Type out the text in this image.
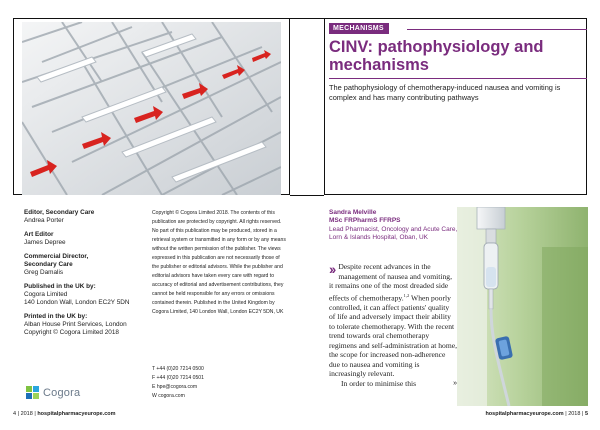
MECHANISMS
CINV: pathophysiology and mechanisms
The pathophysiology of chemotherapy-induced nausea and vomiting is complex and has many contributing pathways
Editor, Secondary Care
Andrea Porter
Art Editor
James Depree
Commercial Director, Secondary Care
Greg Damalis
Published in the UK by:
Cogora Limited
140 London Wall, London EC2Y 5DN
Printed in the UK by:
Alban House Print Services, London
Copyright © Cogora Limited 2018
Copyright © Cogora Limited 2018. The contents of this publication are protected by copyright. All rights reserved. No part of this publication may be produced, stored in a retrieval system or transmitted in any form or by any means without the written permission of the publisher. The views expressed in this publication are not necessarily those of the publisher or editorial advisors. While the publisher and editorial advisors have taken every care with regard to accuracy of editorial and advertisement contributions, they cannot be held responsible for any errors or omissions contained therein. Published in the United Kingdom by Cogora Limited, 140 London Wall, London EC2Y 5DN, UK
T +44 (0)20 7214 0500
F +44 (0)20 7214 0501
E hpe@cogora.com
W cogora.com
Cogora
Sandra Melville
MSc FRPharmS FFRPS
Lead Pharmacist, Oncology and Acute Care, Lorn & Islands Hospital, Oban, UK
›› Despite recent advances in the management of nausea and vomiting, it remains one of the most dreaded side effects of chemotherapy.$^{1,2}$ When poorly controlled, it can affect patients' quality of life and adversely impact their ability to tolerate chemotherapy. With the recent trend towards oral chemotherapy regimens and self-administration at home, the scope for increased non-adherence due to nausea and vomiting is increasingly relevant.
In order to minimise this	»
4 | 2018 | hospitalpharmacyeurope.com	hospitalpharmacyeurope.com | 2018 | 5
